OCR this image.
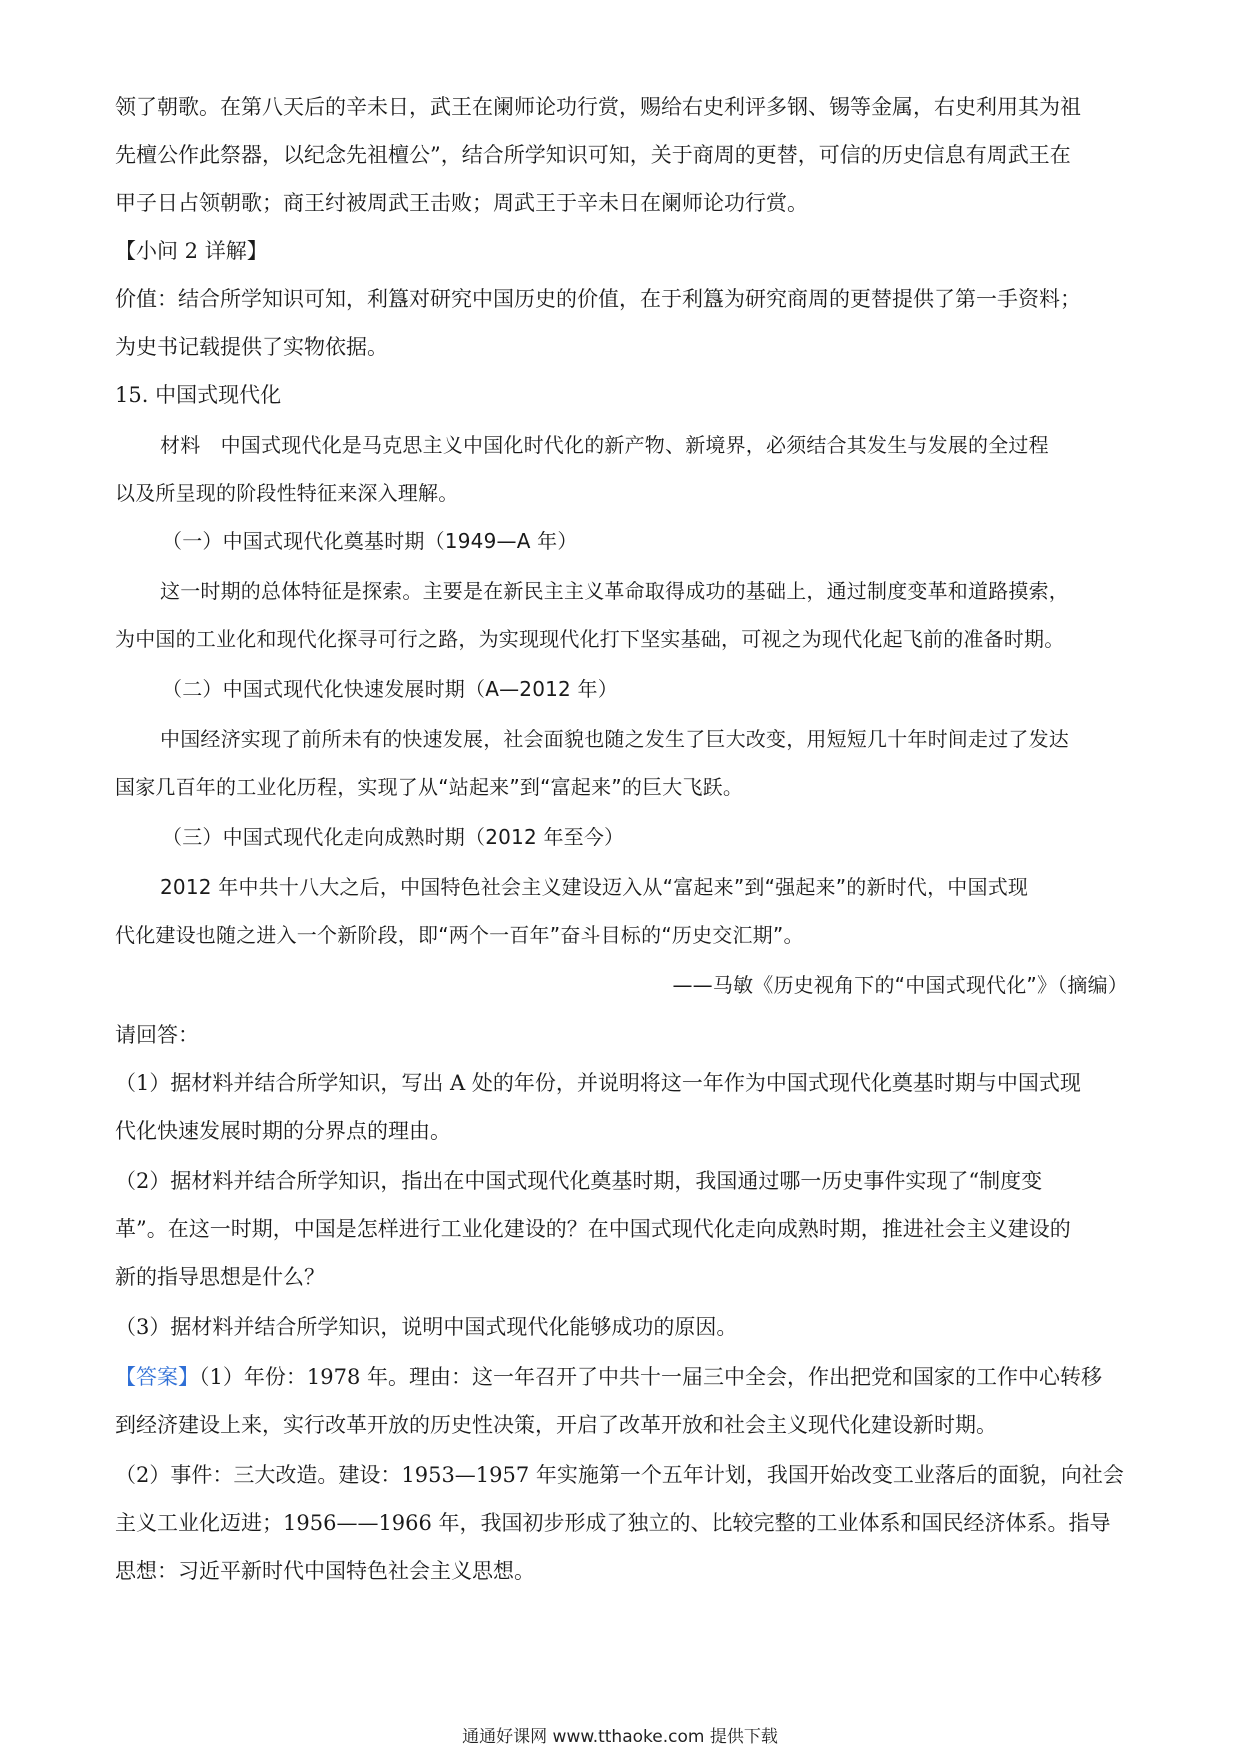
领了朝歌。在第八天后的辛未日，武王在阑师论功行赏，赐给右史利评多钢、锡等金属，右史利用其为祖
先檀公作此祭器，以纪念先祖檀公”，结合所学知识可知，关于商周的更替，可信的历史信息有周武王在
甲子日占领朝歌；商王纣被周武王击败；周武王于辛未日在阑师论功行赏。
【小问 2 详解】
价值：结合所学知识可知，利簋对研究中国历史的价值，在于利簋为研究商周的更替提供了第一手资料；
为史书记载提供了实物依据。
15. 中国式现代化
材料　中国式现代化是马克思主义中国化时代化的新产物、新境界，必须结合其发生与发展的全过程
以及所呈现的阶段性特征来深入理解。
（一）中国式现代化奠基时期（1949—A 年）
这一时期的总体特征是探索。主要是在新民主主义革命取得成功的基础上，通过制度变革和道路摸索，
为中国的工业化和现代化探寻可行之路，为实现现代化打下坚实基础，可视之为现代化起飞前的准备时期。
（二）中国式现代化快速发展时期（A—2012 年）
中国经济实现了前所未有的快速发展，社会面貌也随之发生了巨大改变，用短短几十年时间走过了发达
国家几百年的工业化历程，实现了从“站起来”到“富起来”的巨大飞跃。
（三）中国式现代化走向成熟时期（2012 年至今）
2012 年中共十八大之后，中国特色社会主义建设迈入从“富起来”到“强起来”的新时代，中国式现
代化建设也随之进入一个新阶段，即“两个一百年”奋斗目标的“历史交汇期”。
——马敏《历史视角下的“中国式现代化”》（摘编）
请回答：
（1）据材料并结合所学知识，写出 A 处的年份，并说明将这一年作为中国式现代化奠基时期与中国式现
代化快速发展时期的分界点的理由。
（2）据材料并结合所学知识，指出在中国式现代化奠基时期，我国通过哪一历史事件实现了“制度变
革”。在这一时期，中国是怎样进行工业化建设的？在中国式现代化走向成熟时期，推进社会主义建设的
新的指导思想是什么？
（3）据材料并结合所学知识，说明中国式现代化能够成功的原因。
【答案】（1）年份：1978 年。理由：这一年召开了中共十一届三中全会，作出把党和国家的工作中心转移
到经济建设上来，实行改革开放的历史性决策，开启了改革开放和社会主义现代化建设新时期。
（2）事件：三大改造。建设：1953—1957 年实施第一个五年计划，我国开始改变工业落后的面貌，向社会
主义工业化迈进；1956——1966 年，我国初步形成了独立的、比较完整的工业体系和国民经济体系。指导
思想：习近平新时代中国特色社会主义思想。
通通好课网 www.tthaoke.com 提供下载
